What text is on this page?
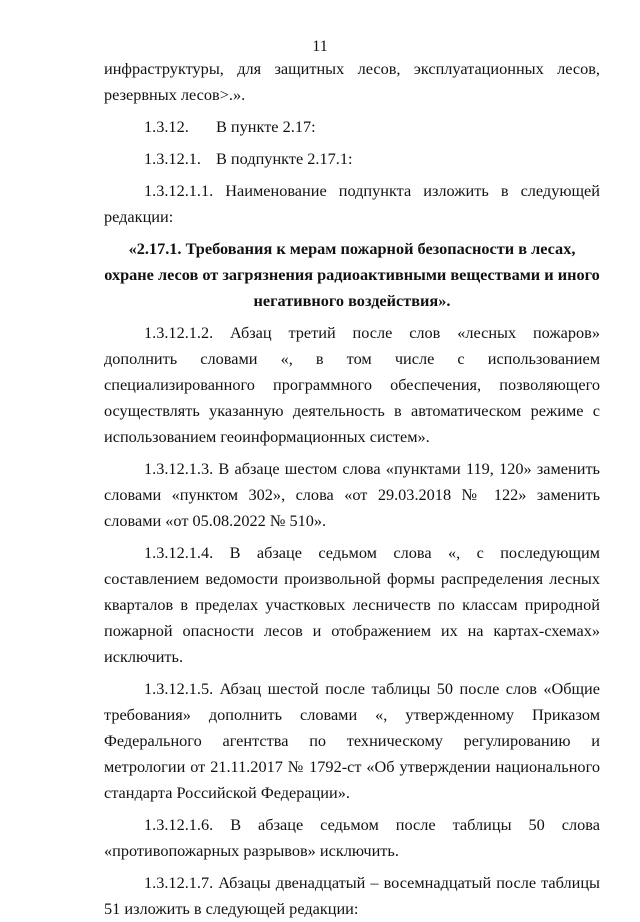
11

инфраструктуры, для защитных лесов, эксплуатационных лесов, резервных лесов>.».

1.3.12.	В пункте 2.17:
1.3.12.1. В подпункте 2.17.1:

1.3.12.1.1. Наименование подпункта изложить в следующей редакции:

«2.17.1. Требования к мерам пожарной безопасности в лесах, охране лесов от загрязнения радиоактивными веществами и иного негативного воздействия».

1.3.12.1.2. Абзац третий после слов «лесных пожаров» дополнить словами «, в том числе с использованием специализированного программного обеспечения, позволяющего осуществлять указанную деятельность в автоматическом режиме с использованием геоинформационных систем».

1.3.12.1.3. В абзаце шестом слова «пунктами 119, 120» заменить словами «пунктом 302», слова «от 29.03.2018 № 122» заменить словами «от 05.08.2022 № 510».

1.3.12.1.4. В абзаце седьмом слова «, с последующим составлением ведомости произвольной формы распределения лесных кварталов в пределах участковых лесничеств по классам природной пожарной опасности лесов и отображением их на картах-схемах» исключить.

1.3.12.1.5. Абзац шестой после таблицы 50 после слов «Общие требования» дополнить словами «, утвержденному Приказом Федерального агентства по техническому регулированию и метрологии от 21.11.2017 № 1792-ст «Об утверждении национального стандарта Российской Федерации».

1.3.12.1.6. В абзаце седьмом после таблицы 50 слова «противопожарных разрывов» исключить.

1.3.12.1.7. Абзацы двенадцатый – восемнадцатый после таблицы 51 изложить в следующей редакции:
